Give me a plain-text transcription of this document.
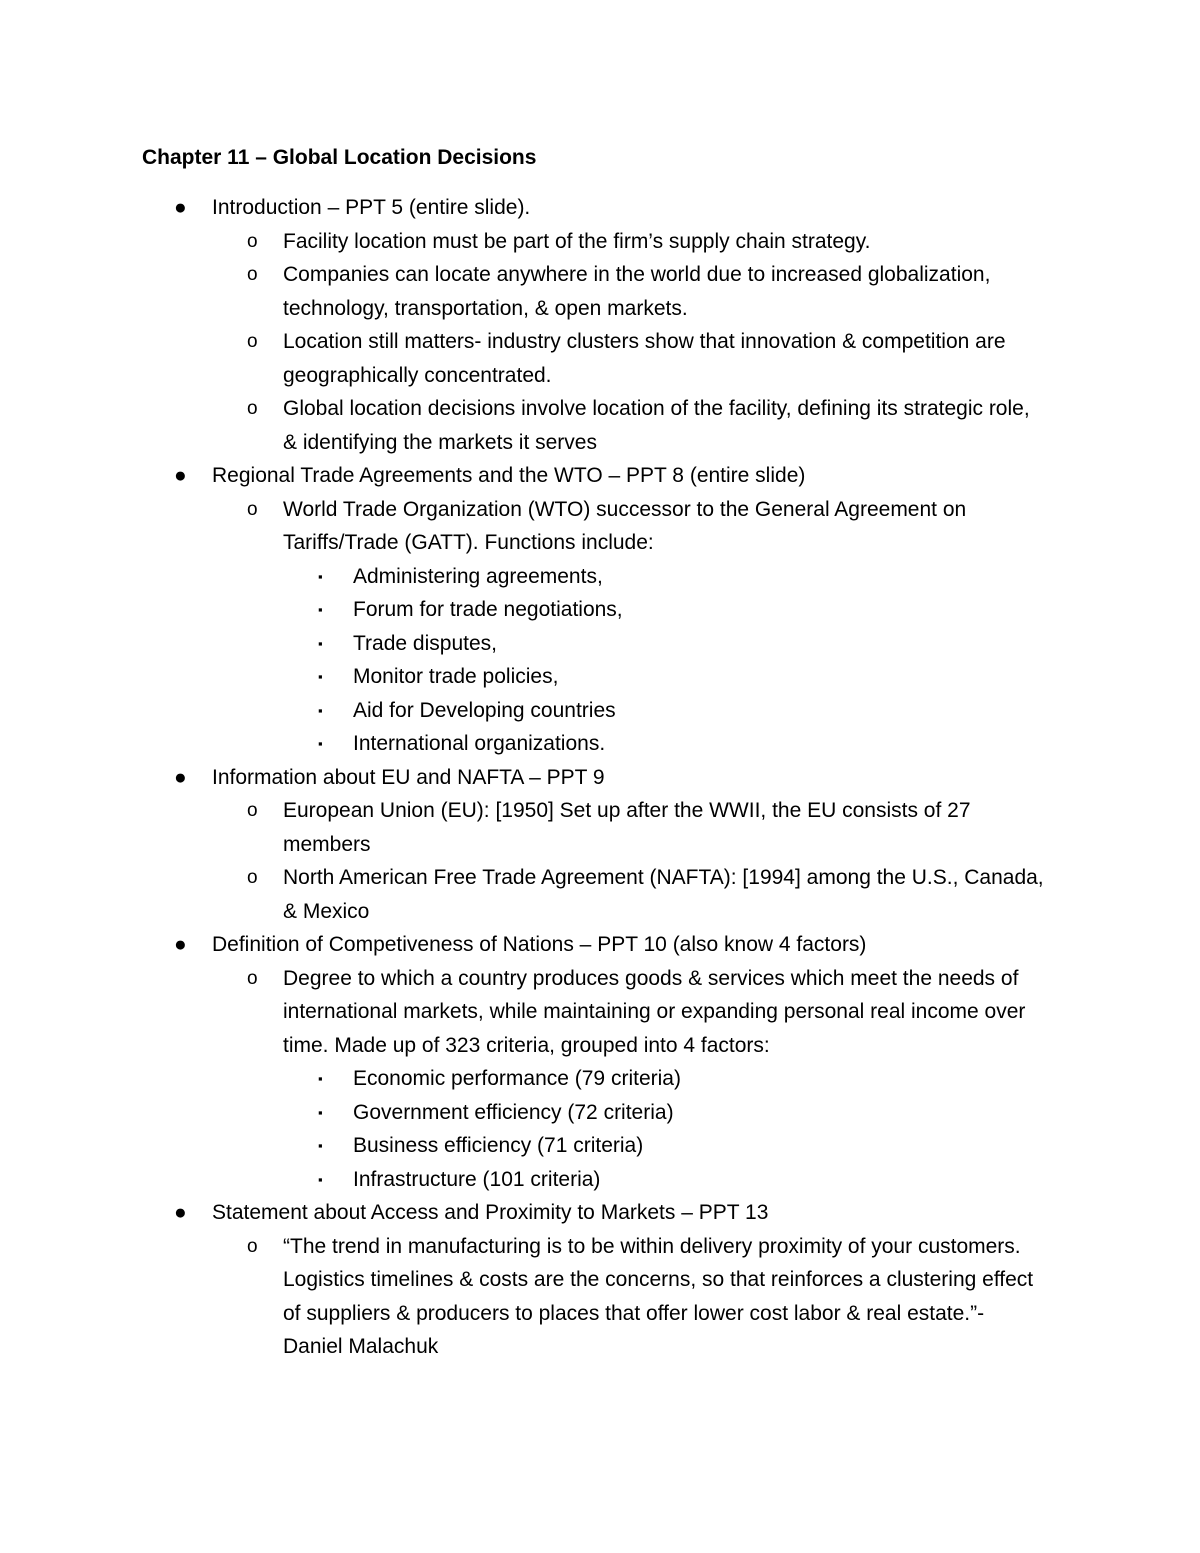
Chapter 11 – Global Location Decisions
● Introduction – PPT 5 (entire slide).
o Facility location must be part of the firm’s supply chain strategy.
o Companies can locate anywhere in the world due to increased globalization,
technology, transportation, & open markets.
o Location still matters- industry clusters show that innovation & competition are
geographically concentrated.
o Global location decisions involve location of the facility, defining its strategic role,
& identifying the markets it serves
● Regional Trade Agreements and the WTO – PPT 8 (entire slide)
o World Trade Organization (WTO) successor to the General Agreement on
Tariffs/Trade (GATT). Functions include:
▪ Administering agreements,
▪ Forum for trade negotiations,
▪ Trade disputes,
▪ Monitor trade policies,
▪ Aid for Developing countries
▪ International organizations.
● Information about EU and NAFTA – PPT 9
o European Union (EU): [1950] Set up after the WWII, the EU consists of 27
members
o North American Free Trade Agreement (NAFTA): [1994] among the U.S., Canada,
& Mexico
● Definition of Competiveness of Nations – PPT 10 (also know 4 factors)
o Degree to which a country produces goods & services which meet the needs of
international markets, while maintaining or expanding personal real income over
time. Made up of 323 criteria, grouped into 4 factors:
▪ Economic performance (79 criteria)
▪ Government efficiency (72 criteria)
▪ Business efficiency (71 criteria)
▪ Infrastructure (101 criteria)
● Statement about Access and Proximity to Markets – PPT 13
o “The trend in manufacturing is to be within delivery proximity of your customers.
Logistics timelines & costs are the concerns, so that reinforces a clustering effect
of suppliers & producers to places that offer lower cost labor & real estate.”-
Daniel Malachuk
